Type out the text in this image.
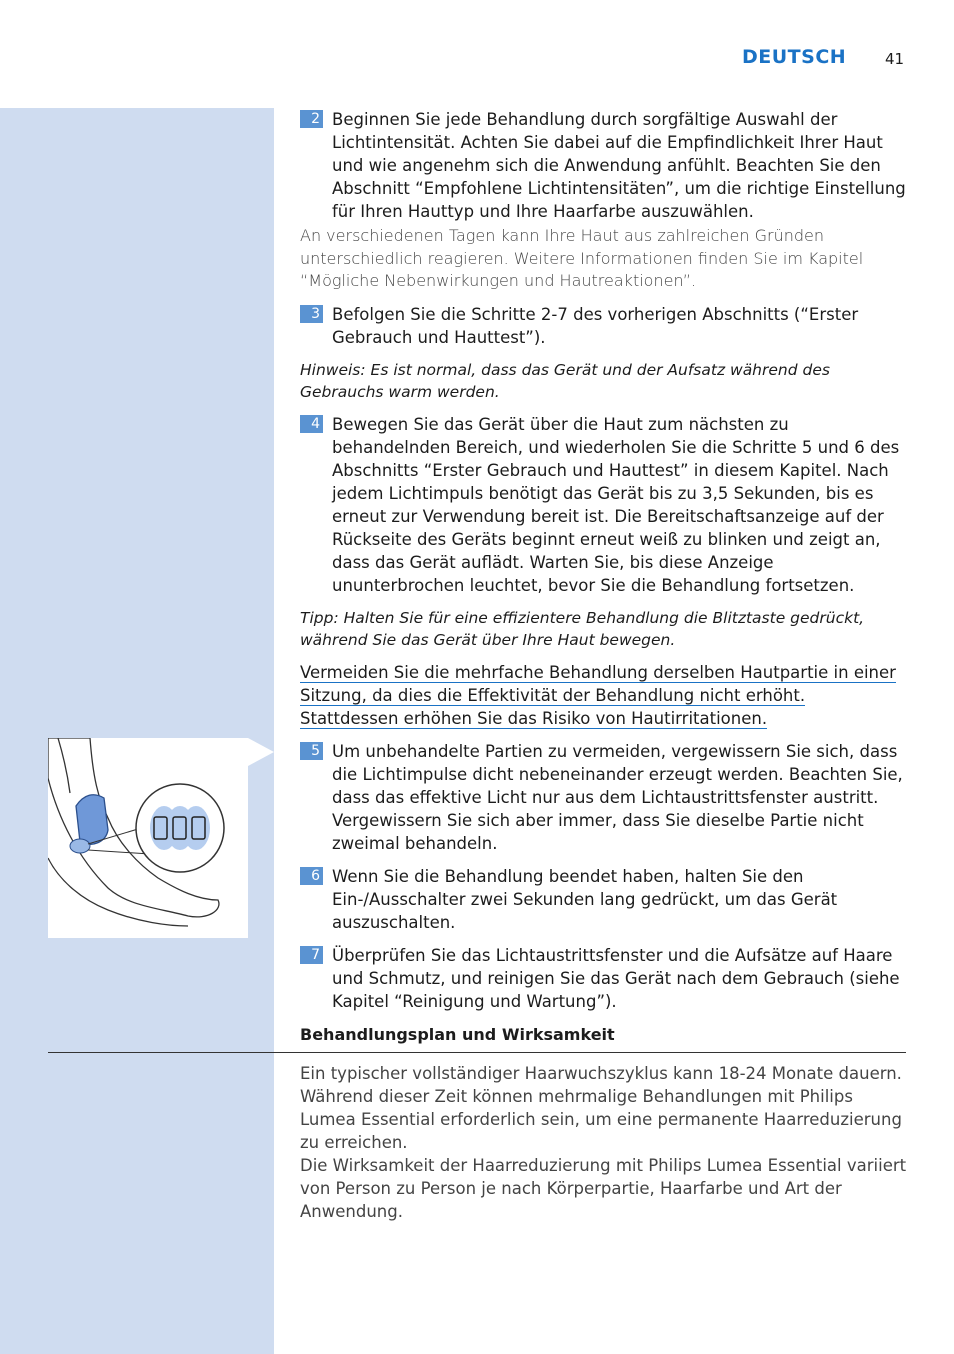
DEUTSCH	41
2 Beginnen Sie jede Behandlung durch sorgfältige Auswahl der Lichtintensität. Achten Sie dabei auf die Empfindlichkeit Ihrer Haut und wie angenehm sich die Anwendung anfühlt. Beachten Sie den Abschnitt “Empfohlene Lichtintensitäten”, um die richtige Einstellung für Ihren Hauttyp und Ihre Haarfarbe auszuwählen.

An verschiedenen Tagen kann Ihre Haut aus zahlreichen Gründen unterschiedlich reagieren. Weitere Informationen finden Sie im Kapitel “Mögliche Nebenwirkungen und Hautreaktionen”.

3 Befolgen Sie die Schritte 2-7 des vorherigen Abschnitts (“Erster Gebrauch und Hauttest”).

Hinweis: Es ist normal, dass das Gerät und der Aufsatz während des Gebrauchs warm werden.

4 Bewegen Sie das Gerät über die Haut zum nächsten zu behandelnden Bereich, und wiederholen Sie die Schritte 5 und 6 des Abschnitts “Erster Gebrauch und Hauttest” in diesem Kapitel. Nach jedem Lichtimpuls benötigt das Gerät bis zu 3,5 Sekunden, bis es erneut zur Verwendung bereit ist. Die Bereitschaftsanzeige auf der Rückseite des Geräts beginnt erneut weiß zu blinken und zeigt an, dass das Gerät auflädt. Warten Sie, bis diese Anzeige ununterbrochen leuchtet, bevor Sie die Behandlung fortsetzen.

Tipp: Halten Sie für eine effizientere Behandlung die Blitztaste gedrückt, während Sie das Gerät über Ihre Haut bewegen.

Vermeiden Sie die mehrfache Behandlung derselben Hautpartie in einer Sitzung, da dies die Effektivität der Behandlung nicht erhöht. Stattdessen erhöhen Sie das Risiko von Hautirritationen.

5 Um unbehandelte Partien zu vermeiden, vergewissern Sie sich, dass die Lichtimpulse dicht nebeneinander erzeugt werden. Beachten Sie, dass das effektive Licht nur aus dem Lichtaustrittsfenster austritt. Vergewissern Sie sich aber immer, dass Sie dieselbe Partie nicht zweimal behandeln.
6 Wenn Sie die Behandlung beendet haben, halten Sie den Ein-/Ausschalter zwei Sekunden lang gedrückt, um das Gerät auszuschalten.
7 Überprüfen Sie das Lichtaustrittsfenster und die Aufsätze auf Haare und Schmutz, und reinigen Sie das Gerät nach dem Gebrauch (siehe Kapitel “Reinigung und Wartung”).
Behandlungsplan und Wirksamkeit
Ein typischer vollständiger Haarwuchszyklus kann 18-24 Monate dauern. Während dieser Zeit können mehrmalige Behandlungen mit Philips Lumea Essential erforderlich sein, um eine permanente Haarreduzierung zu erreichen.
Die Wirksamkeit der Haarreduzierung mit Philips Lumea Essential variiert von Person zu Person je nach Körperpartie, Haarfarbe und Art der Anwendung.
